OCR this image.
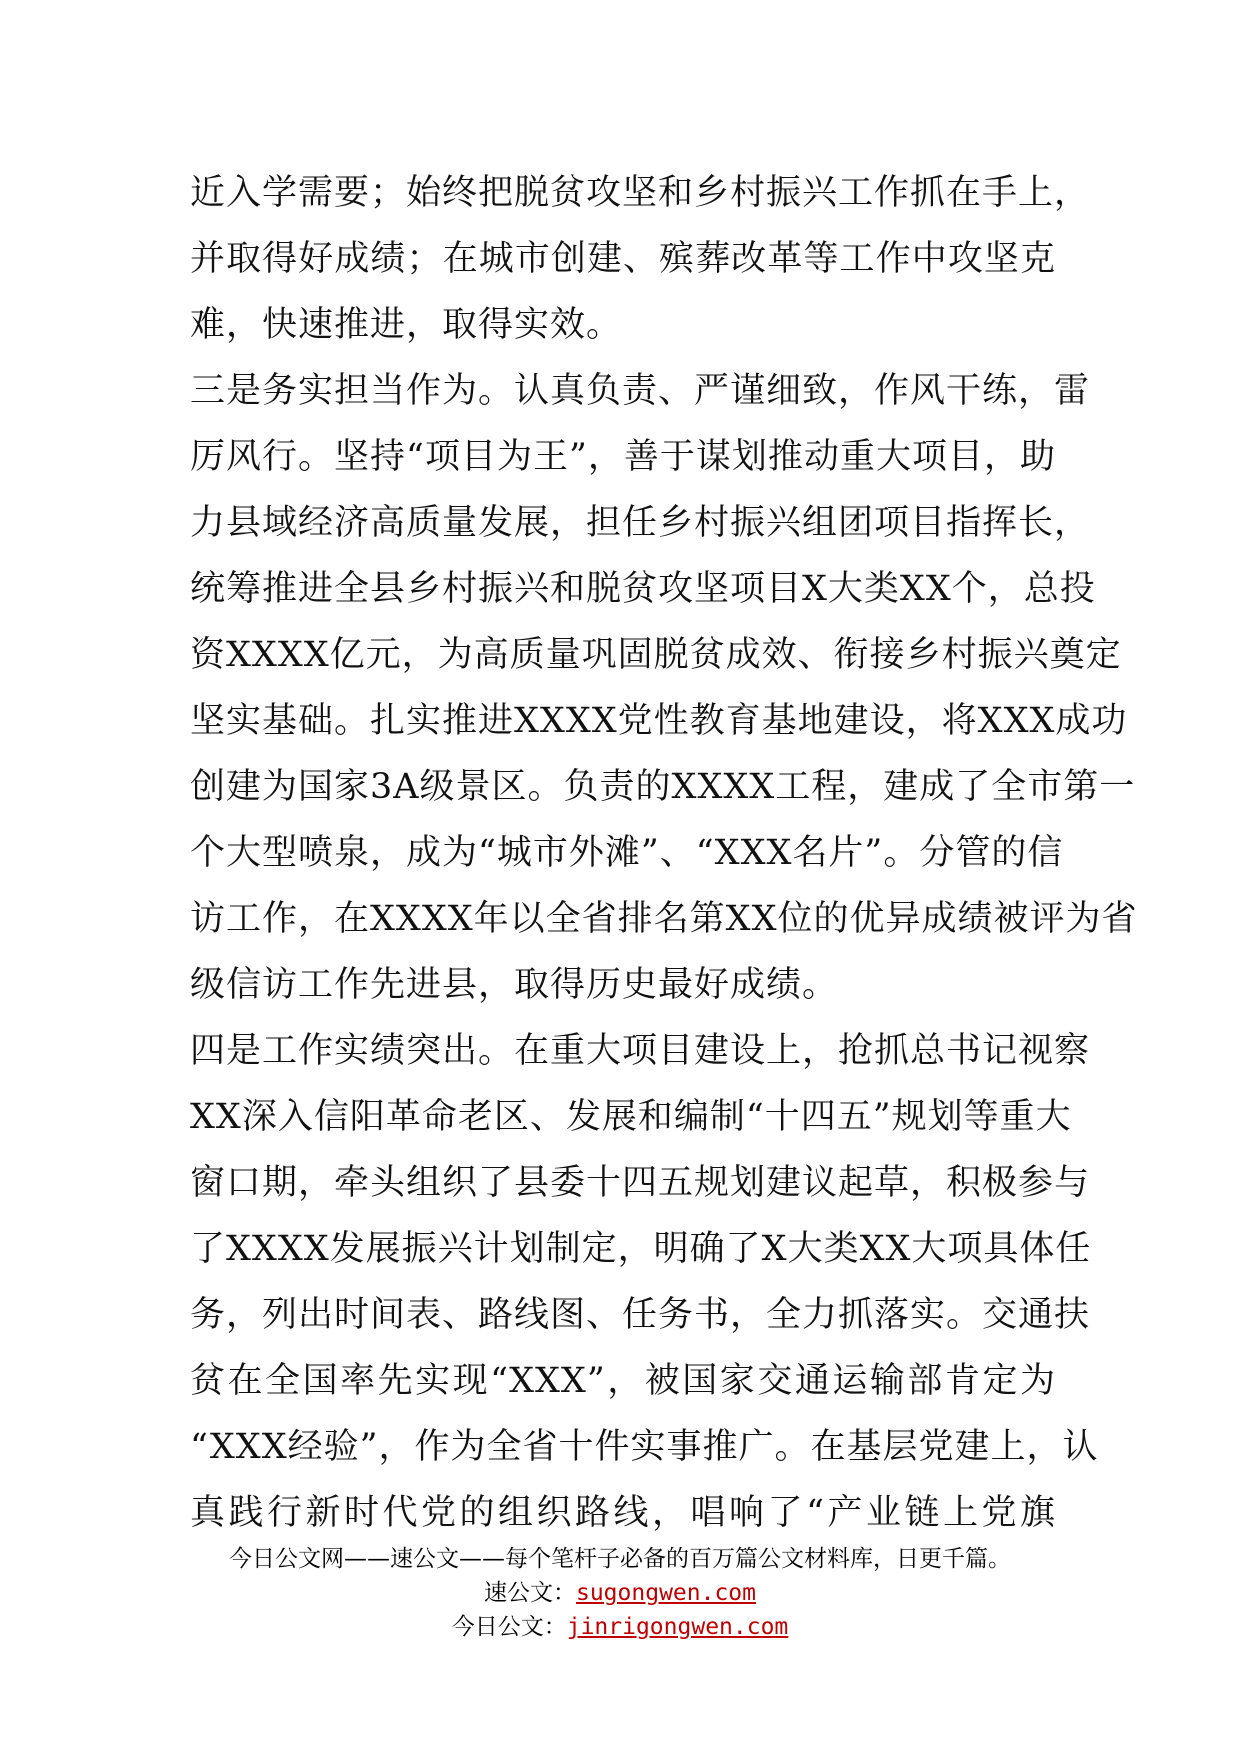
近入学需要；始终把脱贫攻坚和乡村振兴工作抓在手上，
并取得好成绩；在城市创建、殡葬改革等工作中攻坚克
难，快速推进，取得实效。
三是务实担当作为。认真负责、严谨细致，作风干练，雷
厉风行。坚持“项目为王”，善于谋划推动重大项目，助
力县域经济高质量发展，担任乡村振兴组团项目指挥长，
统筹推进全县乡村振兴和脱贫攻坚项目X大类XX个，总投
资XXXX亿元，为高质量巩固脱贫成效、衔接乡村振兴奠定
坚实基础。扎实推进XXXX党性教育基地建设，将XXX成功
创建为国家3A级景区。负责的XXXX工程，建成了全市第一
个大型喷泉，成为“城市外滩”、“XXX名片”。分管的信
访工作，在XXXX年以全省排名第XX位的优异成绩被评为省
级信访工作先进县，取得历史最好成绩。
四是工作实绩突出。在重大项目建设上，抢抓总书记视察
XX深入信阳革命老区、发展和编制“十四五”规划等重大
窗口期，牵头组织了县委十四五规划建议起草，积极参与
了XXXX发展振兴计划制定，明确了X大类XX大项具体任
务，列出时间表、路线图、任务书，全力抓落实。交通扶
贫在全国率先实现“XXX”，被国家交通运输部肯定为
“XXX经验”，作为全省十件实事推广。在基层党建上，认
真践行新时代党的组织路线，唱响了“产业链上党旗
今日公文网——速公文——每个笔杆子必备的百万篇公文材料库，日更千篇。
速公文：sugongwen.com
今日公文：jinrigongwen.com
